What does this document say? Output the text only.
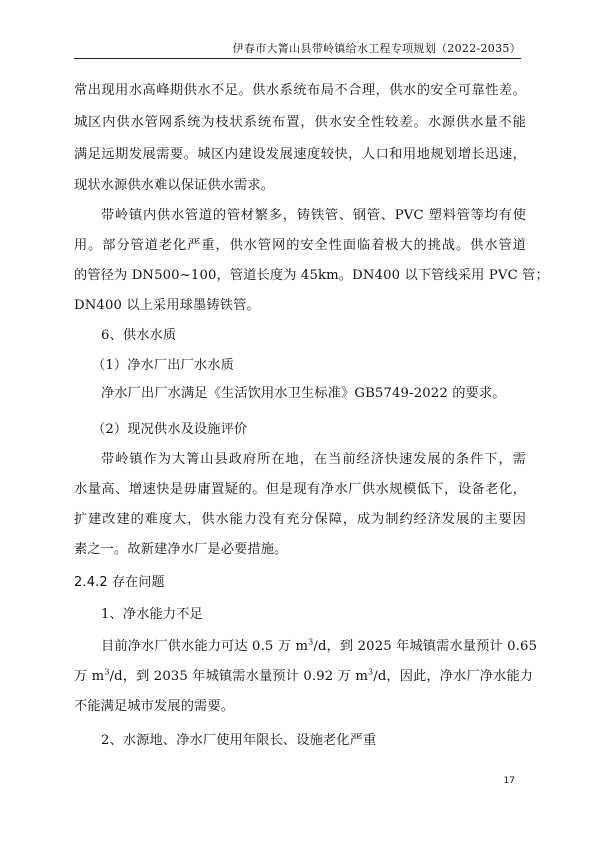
伊春市大箐山县带岭镇给水工程专项规划（2022-2035）
常出现用水高峰期供水不足。供水系统布局不合理，供水的安全可靠性差。
城区内供水管网系统为枝状系统布置，供水安全性较差。水源供水量不能
满足远期发展需要。城区内建设发展速度较快，人口和用地规划增长迅速，
现状水源供水难以保证供水需求。
带岭镇内供水管道的管材繁多，铸铁管、钢管、PVC 塑料管等均有使
用。部分管道老化严重，供水管网的安全性面临着极大的挑战。供水管道
的管径为 DN500~100，管道长度为 45km。DN400 以下管线采用 PVC 管；
DN400 以上采用球墨铸铁管。
6、供水水质
（1）净水厂出厂水水质
净水厂出厂水满足《生活饮用水卫生标准》GB5749-2022 的要求。
（2）现况供水及设施评价
带岭镇作为大箐山县政府所在地，在当前经济快速发展的条件下，需
水量高、增速快是毋庸置疑的。但是现有净水厂供水规模低下，设备老化，
扩建改建的难度大，供水能力没有充分保障，成为制约经济发展的主要因
素之一。故新建净水厂是必要措施。
2.4.2 存在问题
1、净水能力不足
目前净水厂供水能力可达 0.5 万 $m^3/d$，到 2025 年城镇需水量预计 0.65
万 $m^3/d$，到 2035 年城镇需水量预计 0.92 万 $m^3/d$，因此，净水厂净水能力
不能满足城市发展的需要。
2、水源地、净水厂使用年限长、设施老化严重
17
